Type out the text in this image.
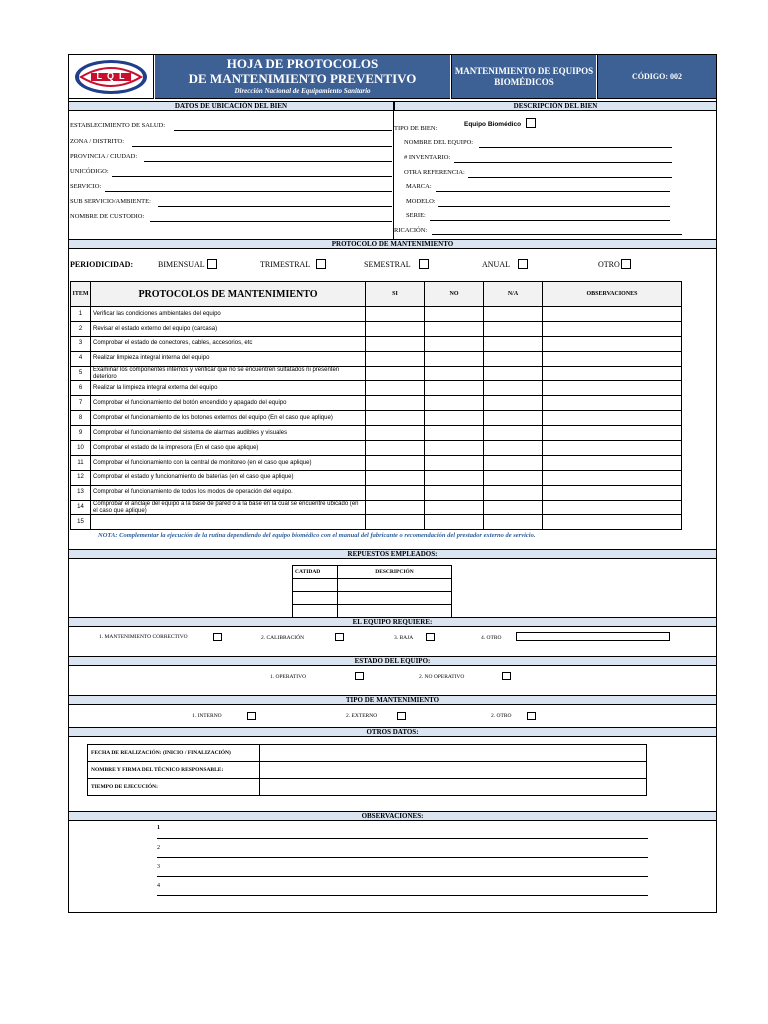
LQL
HOJA DE PROTOCOLOS
DE MANTENIMIENTO PREVENTIVO
Dirección Nacional de Equipamiento Sanitario
MANTENIMIENTO DE EQUIPOS
BIOMÉDICOS
CÓDIGO: 002
DATOS DE UBICACIÓN DEL BIEN	DESCRIPCIÓN DEL BIEN
ESTABLECIMIENTO DE SALUD:
ZONA / DISTRITO:
PROVINCIA / CIUDAD:
UNICÓDIGO:
SERVICIO:
SUB SERVICIO/AMBIENTE:
NOMBRE DE CUSTODIO:
Equipo Biomédico
TIPO DE BIEN:
NOMBRE DEL EQUIPO:
# INVENTARIO:
OTRA REFERENCIA:
MARCA:
MODELO:
SERIE:
RICACIÓN:
PROTOCOLO DE MANTENIMIENTO
PERIODICIDAD:	BIMENSUAL	TRIMESTRAL	SEMESTRAL	ANUAL	OTRO
ITEM	PROTOCOLOS DE MANTENIMIENTO	SI	NO	N/A	OBSERVACIONES
1	Verificar las condiciones ambientales del equipo				
2	Revisar el estado externo del equipo (carcasa)				
3	Comprobar el estado de conectores, cables, accesorios, etc				
4	Realizar limpieza integral interna del equipo				
5	Examinar los componentes internos y verificar que no se encuentren sulfatados ni presenten deterioro				
6	Realizar la limpieza integral externa del equipo				
7	Comprobar el funcionamiento del botón encendido y apagado del equipo				
8	Comprobar el funcionamiento de los botones externos del equipo (En el caso que aplique)				
9	Comprobar el funcionamiento del sistema de alarmas audibles y visuales				
10	Comprobar el estado de la impresora (En el caso que aplique)				
11	Comprobar el funcionamiento con la central de monitoreo (en el caso que aplique)				
12	Comprobar el estado y funcionamiento de baterías (en el caso que aplique)				
13	Comprobar el funcionamiento de todos los modos de operación del equipo.				
14	Comprobar el anclaje del equipo a la base de pared o a la base en la cual se encuentre ubicado (en el caso que aplique)				
15					
NOTA: Complementar la ejecución de la rutina dependiendo del equipo biomédico con el manual del fabricante o recomendación del prestador externo de servicio.
REPUESTOS EMPLEADOS:
CATIDAD	DESCRIPCIÓN

EL EQUIPO REQUIERE:
1. MANTENIMIENTO CORRECTIVO	2. CALIBRACIÓN	3. BAJA	4. OTRO
ESTADO DEL EQUIPO:
1. OPERATIVO	2. NO OPERATIVO
TIPO DE MANTENIMIENTO
1. INTERNO	2. EXTERNO	2. OTRO
OTROS DATOS:
FECHA DE REALIZACIÓN: (INICIO / FINALIZACIÓN)	
NOMBRE Y FIRMA DEL TÉCNICO RESPONSABLE:	
TIEMPO DE EJECUCIÓN:	
OBSERVACIONES:
1
2
3
4
